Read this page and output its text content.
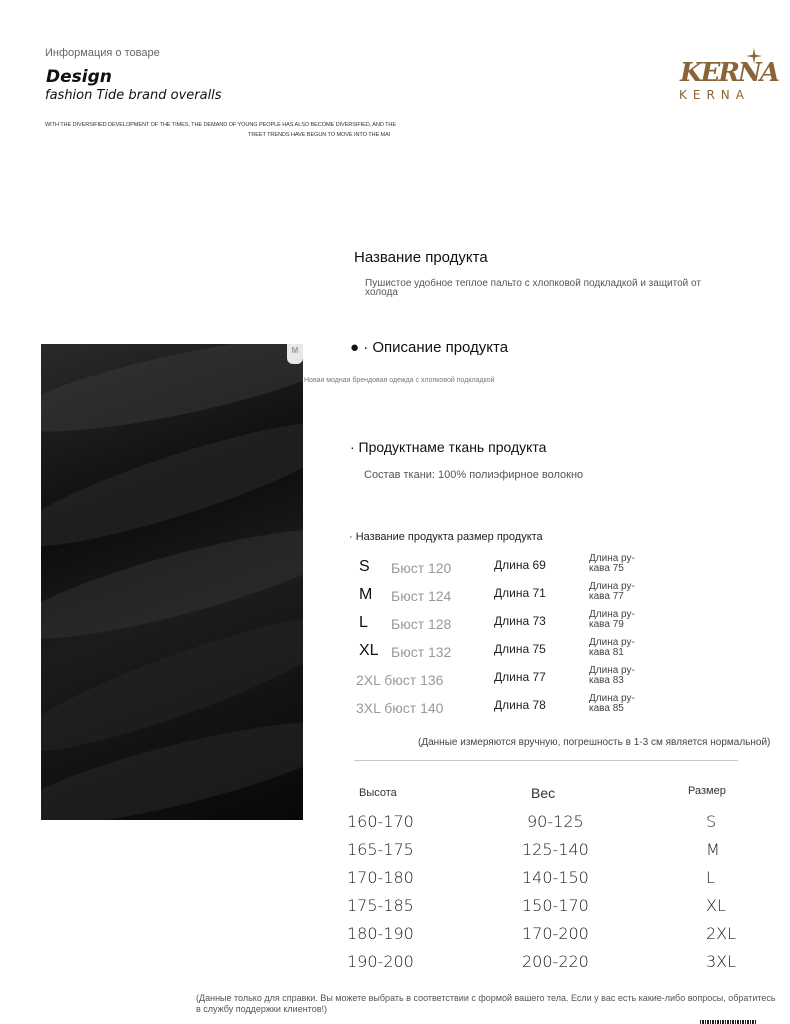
Информация о товаре
Design
fashion Tide brand overalls
WITH THE DIVERSIFIED DEVELOPMENT OF THE TIMES, THE DEMAND OF YOUNG PEOPLE HAS ALSO BECOME DIVERSIFIED, AND THE
TREET TRENDS HAVE BEGUN TO MOVE INTO THE MAI
KERNA
KERNA
M
Название продукта
Пушистое удобное теплое пальто с хлопковой подкладкой и защитой от холода
● · Описание продукта
Новая модная брендовая одежда с хлопковой подкладкой
· Продуктнаме ткань продукта
Состав ткани: 100% полиэфирное волокно
· Название продукта размер продукта
S Бюст 120	Длина 69	Длина ру-кава 75
M Бюст 124	Длина 71	Длина ру-кава 77
L Бюст 128	Длина 73	Длина ру-кава 79
XL Бюст 132	Длина 75	Длина ру-кава 81
2XL бюст 136	Длина 77	Длина ру-кава 83
3XL бюст 140	Длина 78	Длина ру-кава 85
(Данные измеряются вручную, погрешность в 1-3 см является нормальной)
Высота	Вес	Размер
160-170	90-125	S
165-175	125-140	M
170-180	140-150	L
175-185	150-170	XL
180-190	170-200	2XL
190-200	200-220	3XL
(Данные только для справки. Вы можете выбрать в соответствии с формой вашего тела. Если у вас есть какие-либо вопросы, обратитесь в службу поддержки клиентов!)
